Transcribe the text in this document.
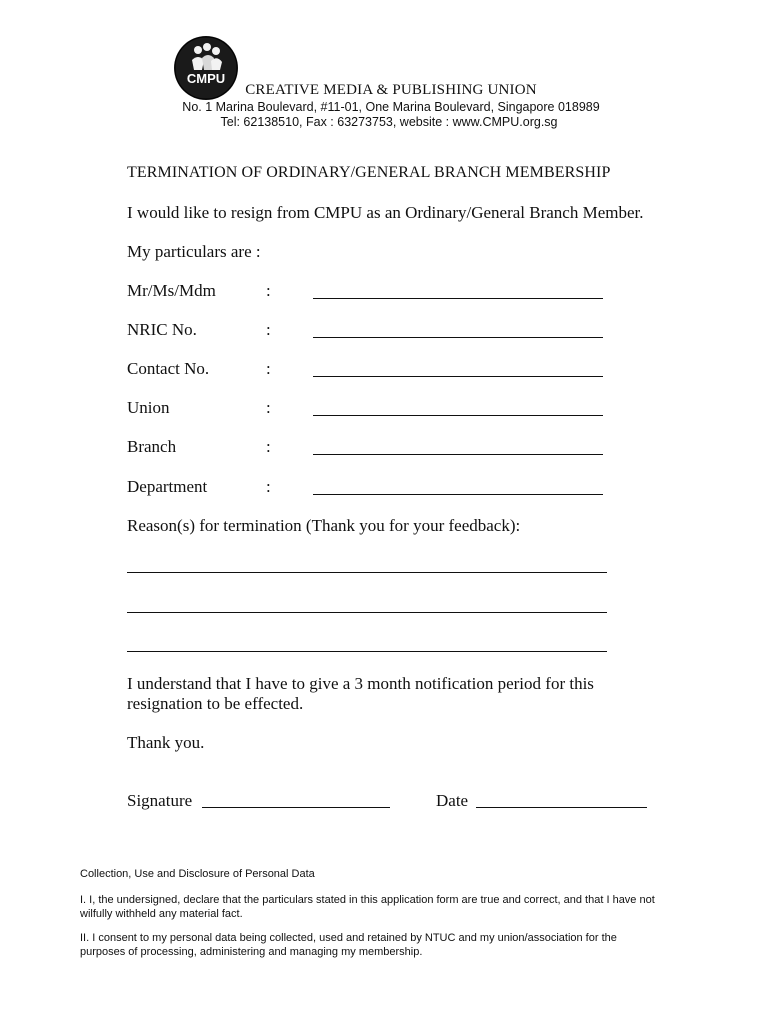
CMPU
CREATIVE MEDIA & PUBLISHING UNION
No. 1 Marina Boulevard, #11-01, One Marina Boulevard, Singapore 018989
Tel: 62138510, Fax : 63273753, website : www.CMPU.org.sg
TERMINATION OF ORDINARY/GENERAL BRANCH MEMBERSHIP
I would like to resign from CMPU as an Ordinary/General Branch Member.
My particulars are :
Mr/Ms/Mdm	:
NRIC No.	:
Contact No.	:
Union	:
Branch	:
Department	:
Reason(s) for termination (Thank you for your feedback):
I understand that I have to give a 3 month notification period for this
resignation to be effected.
Thank you.
Signature	Date
Collection, Use and Disclosure of Personal Data
I. I, the undersigned, declare that the particulars stated in this application form are true and correct, and that I have not
wilfully withheld any material fact.
II. I consent to my personal data being collected, used and retained by NTUC and my union/association for the
purposes of processing, administering and managing my membership.
